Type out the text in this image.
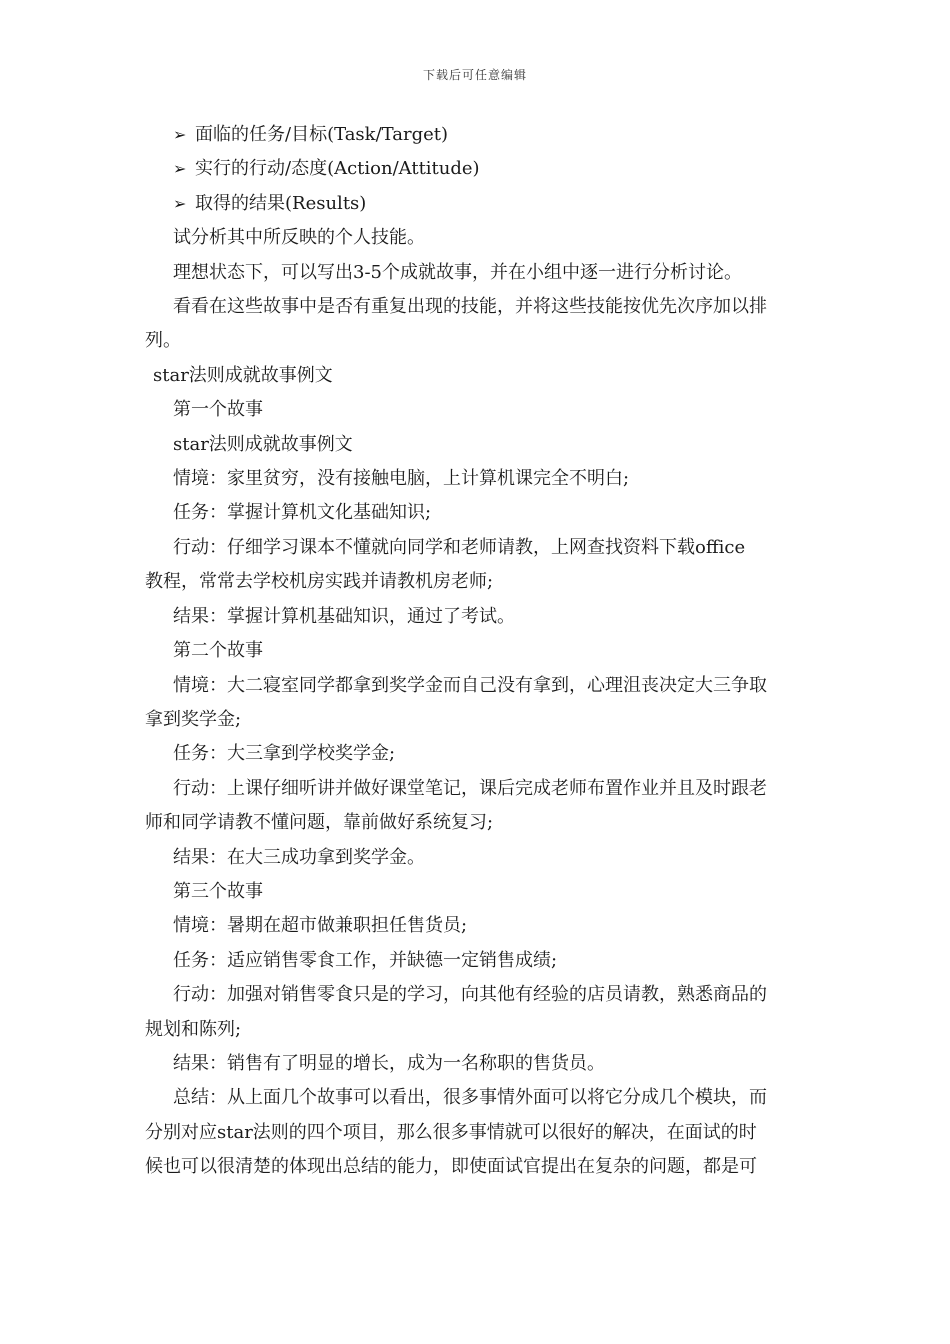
下载后可任意编辑
➢ 面临的任务/目标(Task/Target)
➢ 实行的行动/态度(Action/Attitude)
➢ 取得的结果(Results)
试分析其中所反映的个人技能。
理想状态下，可以写出3-5个成就故事，并在小组中逐一进行分析讨论。
看看在这些故事中是否有重复出现的技能，并将这些技能按优先次序加以排
列。
star法则成就故事例文
第一个故事
star法则成就故事例文
情境：家里贫穷，没有接触电脑，上计算机课完全不明白;
任务：掌握计算机文化基础知识;
行动：仔细学习课本不懂就向同学和老师请教，上网查找资料下载office
教程，常常去学校机房实践并请教机房老师;
结果：掌握计算机基础知识，通过了考试。
第二个故事
情境：大二寝室同学都拿到奖学金而自己没有拿到，心理沮丧决定大三争取
拿到奖学金;
任务：大三拿到学校奖学金;
行动：上课仔细听讲并做好课堂笔记，课后完成老师布置作业并且及时跟老
师和同学请教不懂问题，靠前做好系统复习;
结果：在大三成功拿到奖学金。
第三个故事
情境：暑期在超市做兼职担任售货员;
任务：适应销售零食工作，并缺德一定销售成绩;
行动：加强对销售零食只是的学习，向其他有经验的店员请教，熟悉商品的
规划和陈列;
结果：销售有了明显的增长，成为一名称职的售货员。
总结：从上面几个故事可以看出，很多事情外面可以将它分成几个模块，而
分别对应star法则的四个项目，那么很多事情就可以很好的解决，在面试的时
候也可以很清楚的体现出总结的能力，即使面试官提出在复杂的问题，都是可
